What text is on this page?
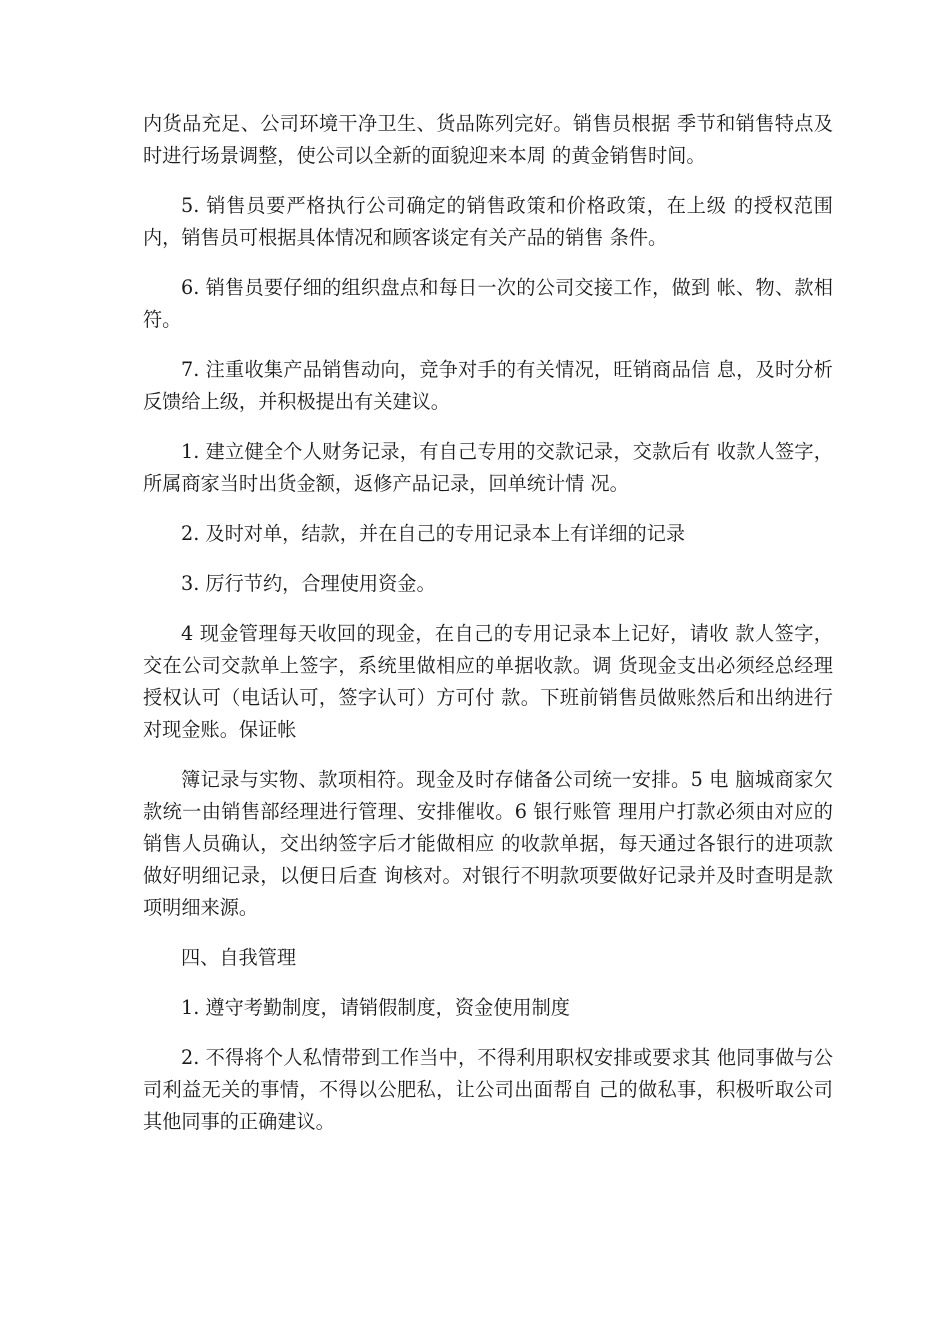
内货品充足、公司环境干净卫生、货品陈列完好。销售员根据 季节和销售特点及时进行场景调整，使公司以全新的面貌迎来本周 的黄金销售时间。

5. 销售员要严格执行公司确定的销售政策和价格政策，在上级 的授权范围内，销售员可根据具体情况和顾客谈定有关产品的销售 条件。

6. 销售员要仔细的组织盘点和每日一次的公司交接工作，做到 帐、物、款相符。

7. 注重收集产品销售动向，竞争对手的有关情况，旺销商品信 息，及时分析反馈给上级，并积极提出有关建议。

1. 建立健全个人财务记录，有自己专用的交款记录，交款后有 收款人签字，所属商家当时出货金额，返修产品记录，回单统计情 况。

2. 及时对单，结款，并在自己的专用记录本上有详细的记录

3. 厉行节约，合理使用资金。

4 现金管理每天收回的现金，在自己的专用记录本上记好，请收 款人签字，交在公司交款单上签字，系统里做相应的单据收款。调 货现金支出必须经总经理授权认可（电话认可，签字认可）方可付 款。下班前销售员做账然后和出纳进行对现金账。保证帐

簿记录与实物、款项相符。现金及时存储备公司统一安排。5 电 脑城商家欠款统一由销售部经理进行管理、安排催收。6 银行账管 理用户打款必须由对应的销售人员确认，交出纳签字后才能做相应 的收款单据，每天通过各银行的进项款做好明细记录，以便日后查 询核对。对银行不明款项要做好记录并及时查明是款项明细来源。

四、自我管理

1. 遵守考勤制度，请销假制度，资金使用制度

2. 不得将个人私情带到工作当中，不得利用职权安排或要求其 他同事做与公司利益无关的事情，不得以公肥私，让公司出面帮自 己的做私事，积极听取公司其他同事的正确建议。
